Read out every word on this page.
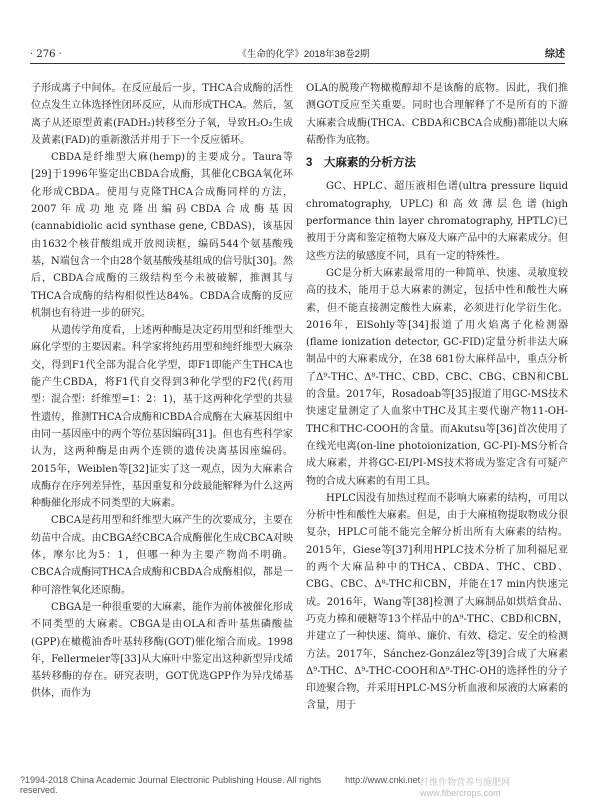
· 276 ·	《生命的化学》2018年38卷2期	综述

子形成离子中间体。在反应最后一步，THCA合成酶的活性位点发生立体选择性闭环反应，从而形成THCA。然后，氢离子从还原型黄素(FADH₂)转移至分子氧，导致H₂O₂生成及黄素(FAD)的重新激活并用于下一个反应循环。

CBDA是纤维型大麻(hemp)的主要成分。Taura等[29]于1996年鉴定出CBDA合成酶，其催化CBGA氧化环化形成CBDA。使用与克隆THCA合成酶同样的方法，2007年成功地克隆出编码CBDA合成酶基因(cannabidiolic acid synthase gene, CBDAS)，该基因由1632个核苷酸组成开放阅读框，编码544个氨基酸残基，N端包含一个由28个氨基酸残基组成的信号肽[30]。然后，CBDA合成酶的三级结构至今未被破解，推测其与THCA合成酶的结构相似性达84%。CBDA合成酶的反应机制也有待进一步的研究。

从遗传学角度看，上述两种酶是决定药用型和纤维型大麻化学型的主要因素。科学家将纯药用型和纯纤维型大麻杂交，得到F1代全部为混合化学型，即F1即能产生THCA也能产生CBDA，将F1代自交得到3种化学型的F2代(药用型：混合型：纤维型=1：2：1)，基于这两种化学型的共显性遗传，推测THCA合成酶和CBDA合成酶在大麻基因组中由同一基因座中的两个等位基因编码[31]。但也有些科学家认为，这两种酶是由两个连锁的遗传决离基因座编码。2015年，Weiblen等[32]证实了这一观点，因为大麻素合成酶存在序列差异性，基因重复和分歧最能解释为什么这两种酶催化形成不同类型的大麻素。

CBCA是药用型和纤维型大麻产生的次要成分，主要在幼苗中合成。由CBGA经CBCA合成酶催化生成CBCA对映体，摩尔比为5：1，但哪一种为主要产物尚不明确。CBCA合成酶同THCA合成酶和CBDA合成酶相似，都是一种可溶性氧化还原酶。

CBGA是一种很重要的大麻素，能作为前体被催化形成不同类型的大麻素。CBGA是由OLA和香叶基焦磷酸盐(GPP)在橄榄油香叶基转移酶(GOT)催化缩合而成。1998年，Fellermeier等[33]从大麻叶中鉴定出这种新型异戊烯基转移酶的存在。研究表明，GOT优选GPP作为异戊烯基供体，而作为

OLA的脱羧产物橄榄醇却不是该酶的底物。因此，我们推测GOT反应至关重要。同时也合理解释了不是所有的下游大麻素合成酶(THCA、CBDA和CBCA合成酶)都能以大麻萜酚作为底物。

3　大麻素的分析方法

GC、HPLC、超压液相色谱(ultra pressure liquid chromatography, UPLC)和高效薄层色谱(high performance thin layer chromatography, HPTLC)已被用于分离和鉴定植物大麻及大麻产品中的大麻素成分。但这些方法的敏感度不同，具有一定的特殊性。

GC是分析大麻素最常用的一种简单、快速、灵敏度较高的技术，能用于总大麻素的测定，包括中性和酸性大麻素，但不能直接测定酸性大麻素，必须进行化学衍生化。2016年，ElSohly等[34]报道了用火焰离子化检测器(flame ionization detector, GC-FID)定量分析非法大麻制品中的大麻素成分，在38 681份大麻样品中，重点分析了Δ⁹-THC、Δ⁸-THC、CBD、CBC、CBG、CBN和CBL的含量。2017年，Rosadoab等[35]报道了用GC-MS技术快速定量测定了人血浆中THC及其主要代谢产物11-OH-THC和THC-COOH的含量。而Akutsu等[36]首次使用了在线光电离(on-line photoionization, GC-PI)-MS分析合成大麻素，并将GC-EI/PI-MS技术将成为鉴定含有可疑产物的合成大麻素的有用工具。

HPLC因没有加热过程而不影响大麻素的结构，可用以分析中性和酸性大麻素。但是，由于大麻植物提取物成分很复杂，HPLC可能不能完全解分析出所有大麻素的结构。2015年，Giese等[37]利用HPLC技术分析了加利福尼亚的两个大麻品种中的THCA、CBDA、THC、CBD、CBG、CBC、Δ⁸-THC和CBN，并能在17 min内快速完成。2016年，Wang等[38]检测了大麻制品如烘焙食品、巧克力棒和硬糖等13个样品中的Δ⁹-THC、CBD和CBN，并建立了一种快速、简单、廉价、有效、稳定、安全的检测方法。2017年，Sánchez-González等[39]合成了大麻素Δ⁹-THC、Δ⁹-THC-COOH和Δ⁹-THC-OH的选择性的分子印迹聚合物，并采用HPLC-MS分析血液和尿液的大麻素的含量，用于

?1994-2018 China Academic Journal Electronic Publishing House. All rights reserved.
http://www.cnki.net 纤维作物营养与施肥网 www.fibercrops.com
